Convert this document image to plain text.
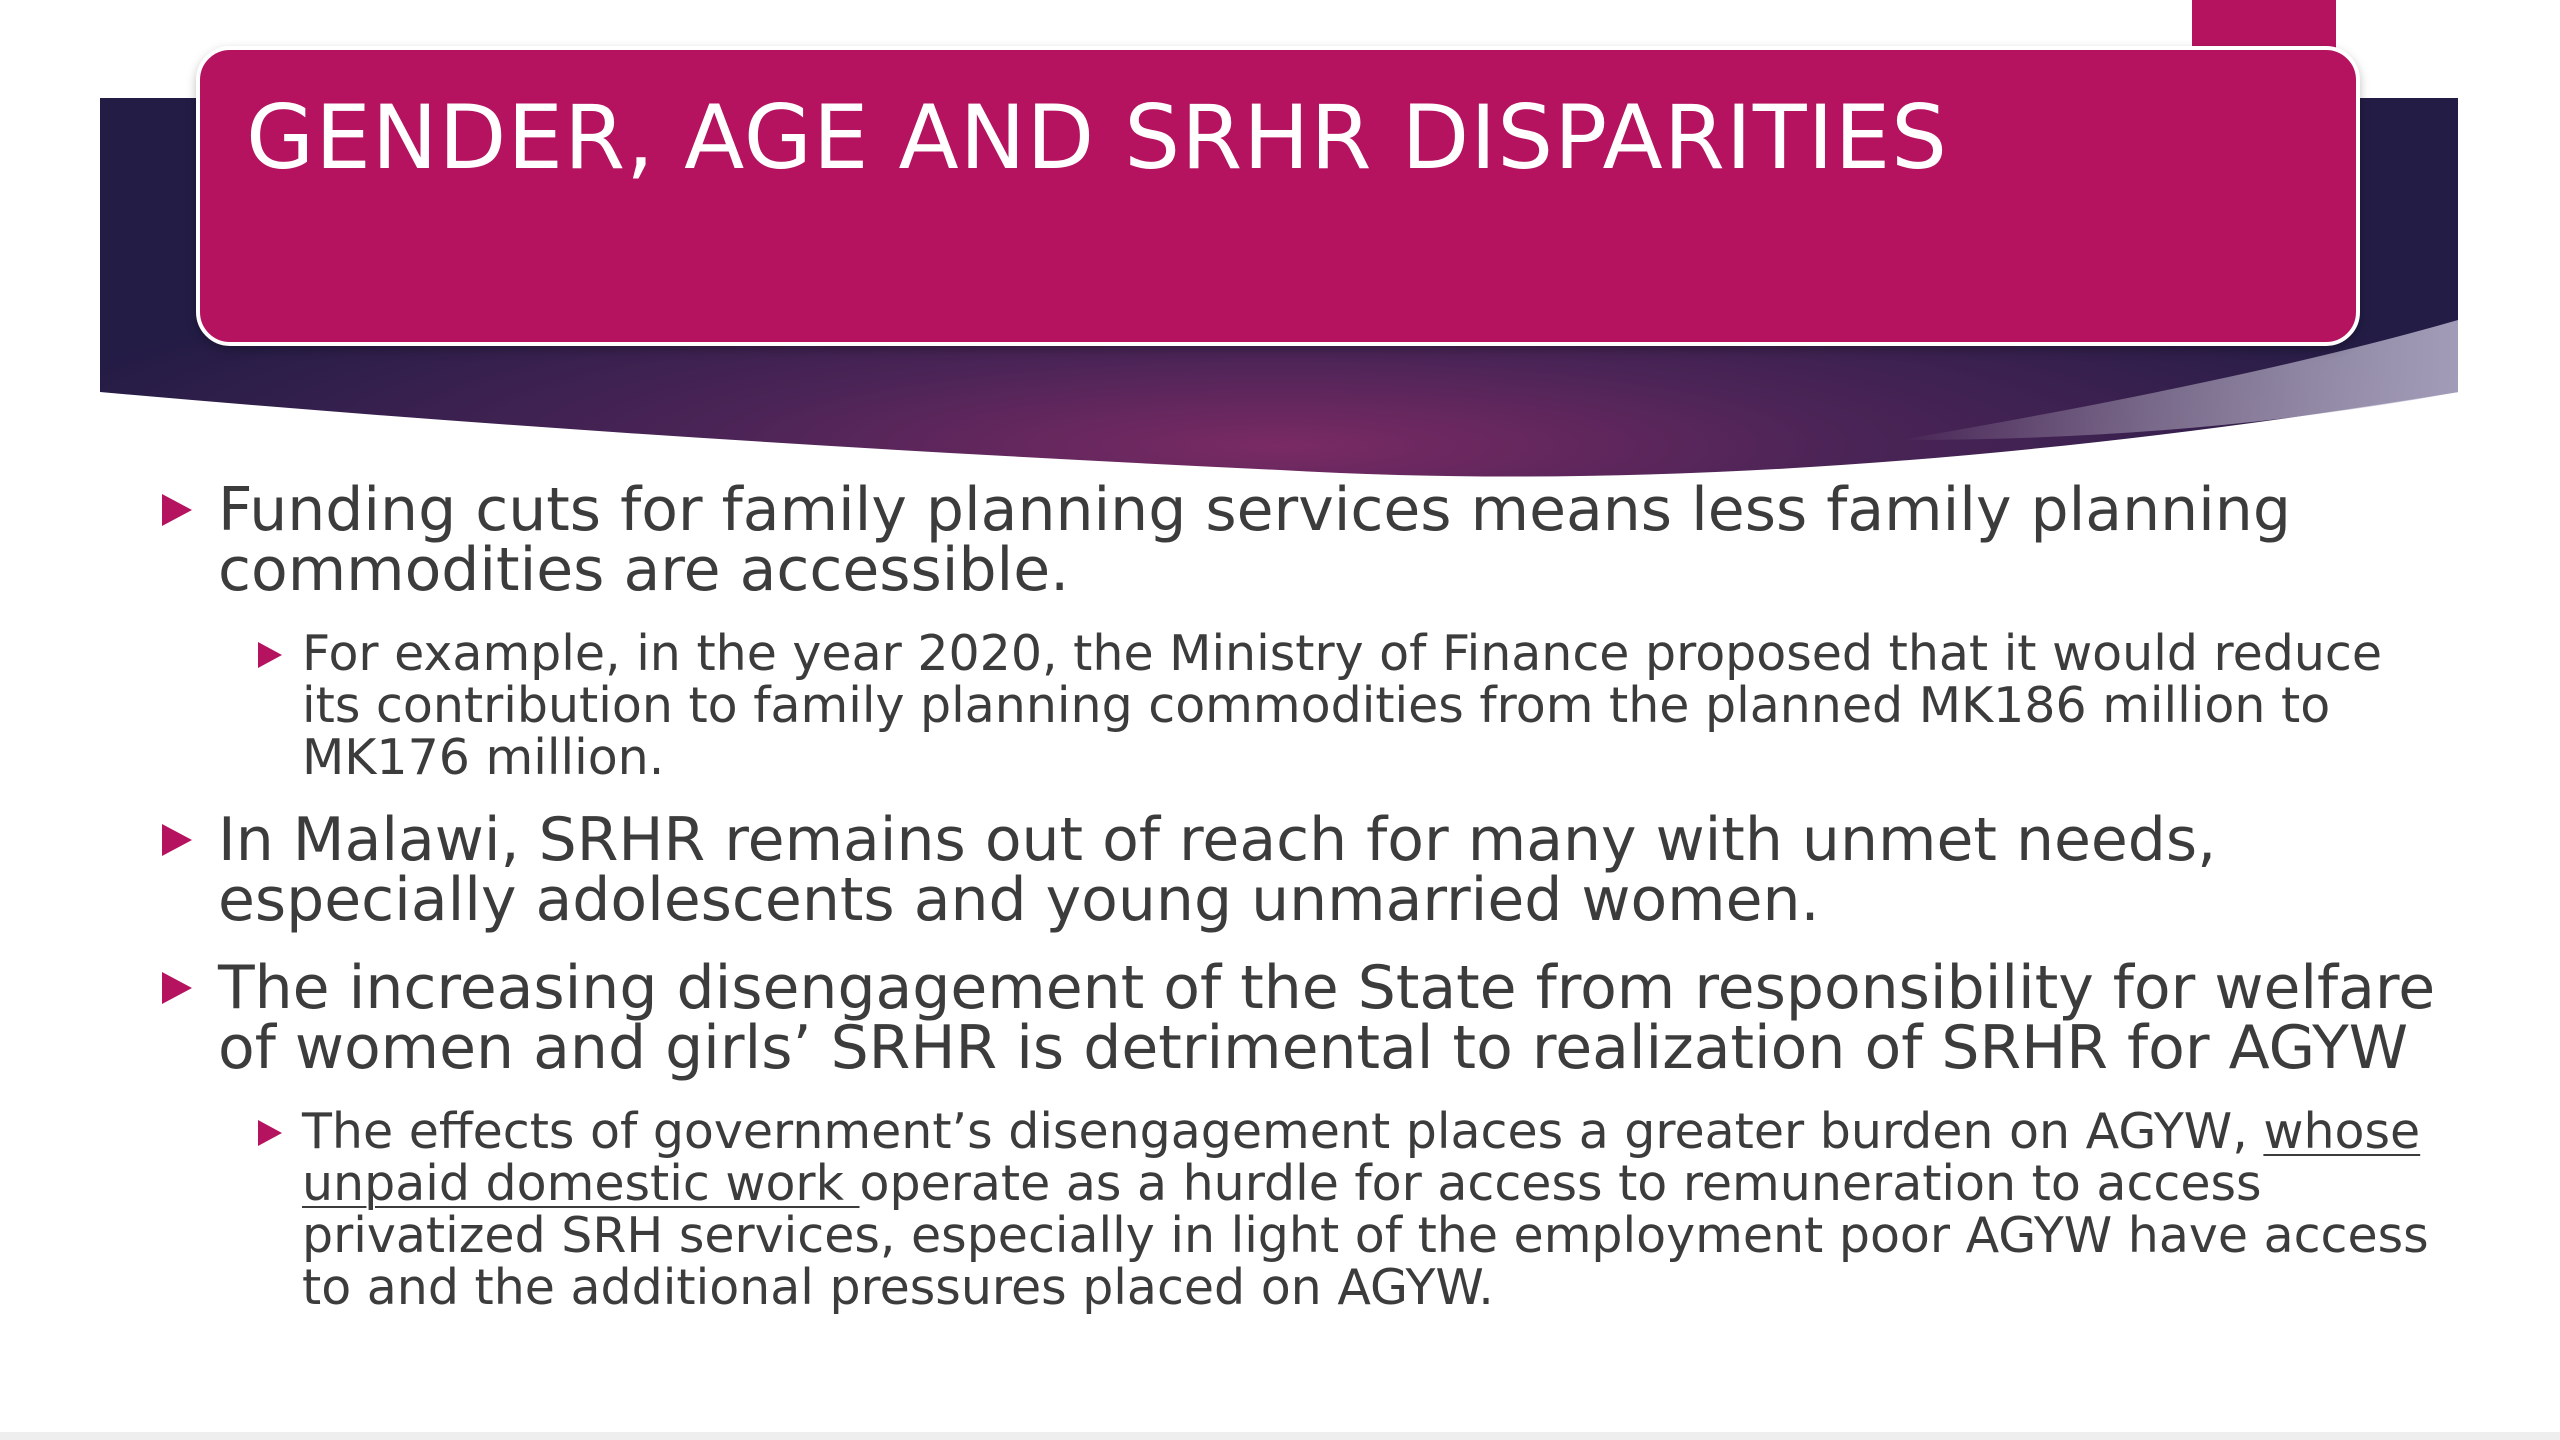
GENDER, AGE AND SRHR DISPARITIES
Funding cuts for family planning services means less family planning commodities are accessible.
For example, in the year 2020, the Ministry of Finance proposed that it would reduce its contribution to family planning commodities from the planned MK186 million to MK176 million.
In Malawi, SRHR remains out of reach for many with unmet needs, especially adolescents and young unmarried women.
The increasing disengagement of the State from responsibility for welfare of women and girls’ SRHR is detrimental to realization of SRHR for AGYW
The effects of government’s disengagement places a greater burden on AGYW, whose unpaid domestic work operate as a hurdle for access to remuneration to access privatized SRH services, especially in light of the employment poor AGYW have access to and the additional pressures placed on AGYW.
